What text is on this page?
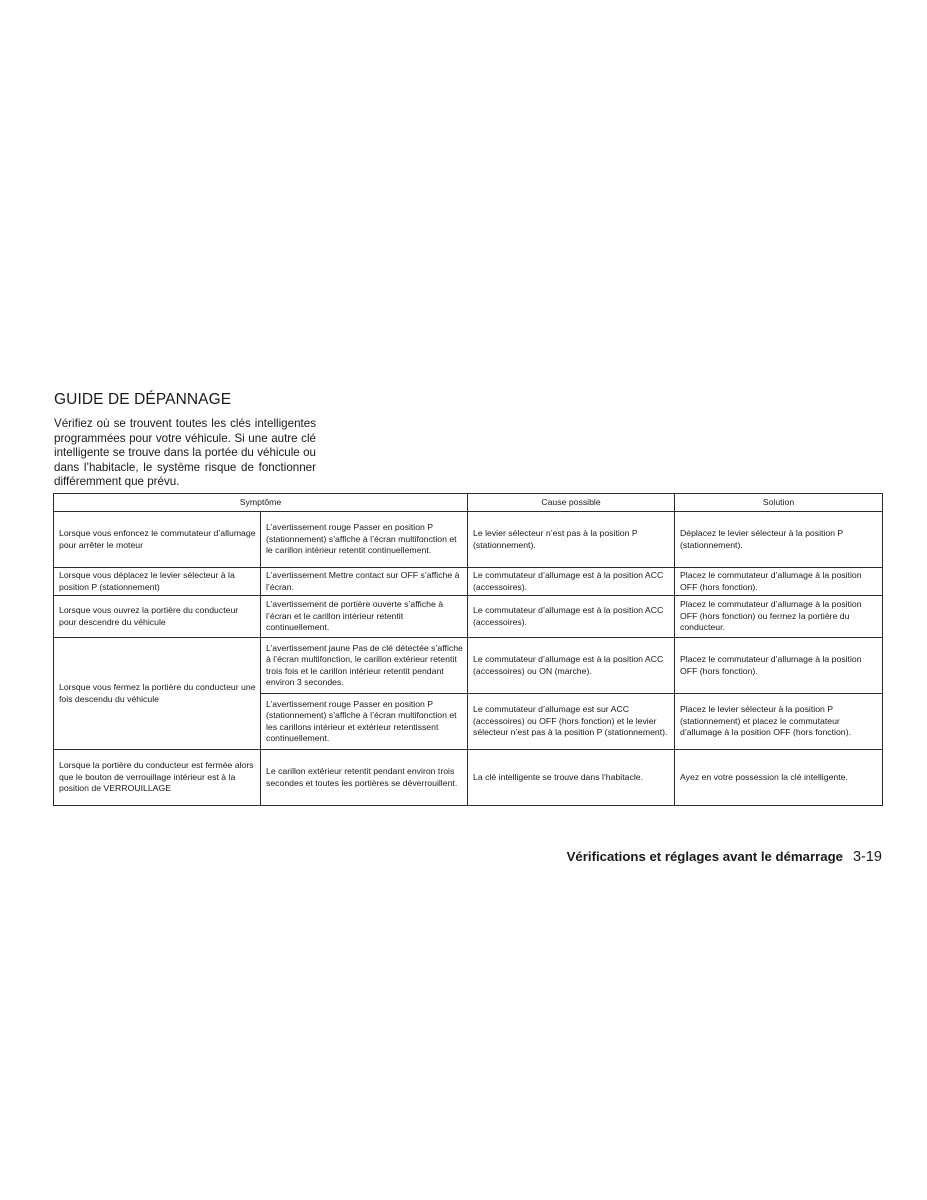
GUIDE DE DÉPANNAGE
Vérifiez où se trouvent toutes les clés intelligentes programmées pour votre véhicule. Si une autre clé intelligente se trouve dans la portée du véhicule ou dans l’habitacle, le système risque de fonctionner différemment que prévu.
Symptôme		Cause possible	Solution
Lorsque vous enfoncez le commutateur d’allumage pour arrêter le moteur	L’avertissement rouge Passer en position P (stationnement) s’affiche à l’écran multifonction et le carillon intérieur retentit continuellement.	Le levier sélecteur n’est pas à la position P (stationnement).	Déplacez le levier sélecteur à la position P (stationnement).
Lorsque vous déplacez le levier sélecteur à la position P (stationnement)	L’avertissement Mettre contact sur OFF s’affiche à l’écran.	Le commutateur d’allumage est à la position ACC (accessoires).	Placez le commutateur d’allumage à la position OFF (hors fonction).
Lorsque vous ouvrez la portière du conducteur pour descendre du véhicule	L’avertissement de portière ouverte s’affiche à l’écran et le carillon intérieur retentit continuellement.	Le commutateur d’allumage est à la position ACC (accessoires).	Placez le commutateur d’allumage à la position OFF (hors fonction) ou fermez la portière du conducteur.
Lorsque vous fermez la portière du conducteur une fois descendu du véhicule	L’avertissement jaune Pas de clé détectée s’affiche à l’écran multifonction, le carillon extérieur retentit trois fois et le carillon intérieur retentit pendant environ 3 secondes.	Le commutateur d’allumage est à la position ACC (accessoires) ou ON (marche).	Placez le commutateur d’allumage à la position OFF (hors fonction).
	L’avertissement rouge Passer en position P (stationnement) s’affiche à l’écran multifonction et les carillons intérieur et extérieur retentissent continuellement.	Le commutateur d’allumage est sur ACC (accessoires) ou OFF (hors fonction) et le levier sélecteur n’est pas à la position P (stationnement).	Placez le levier sélecteur à la position P (stationnement) et placez le commutateur d’allumage à la position OFF (hors fonction).
Lorsque la portière du conducteur est fermée alors que le bouton de verrouillage intérieur est à la position de VERROUILLAGE	Le carillon extérieur retentit pendant environ trois secondes et toutes les portières se déverrouillent.	La clé intelligente se trouve dans l’habitacle.	Ayez en votre possession la clé intelligente.
Vérifications et réglages avant le démarrage 3-19
